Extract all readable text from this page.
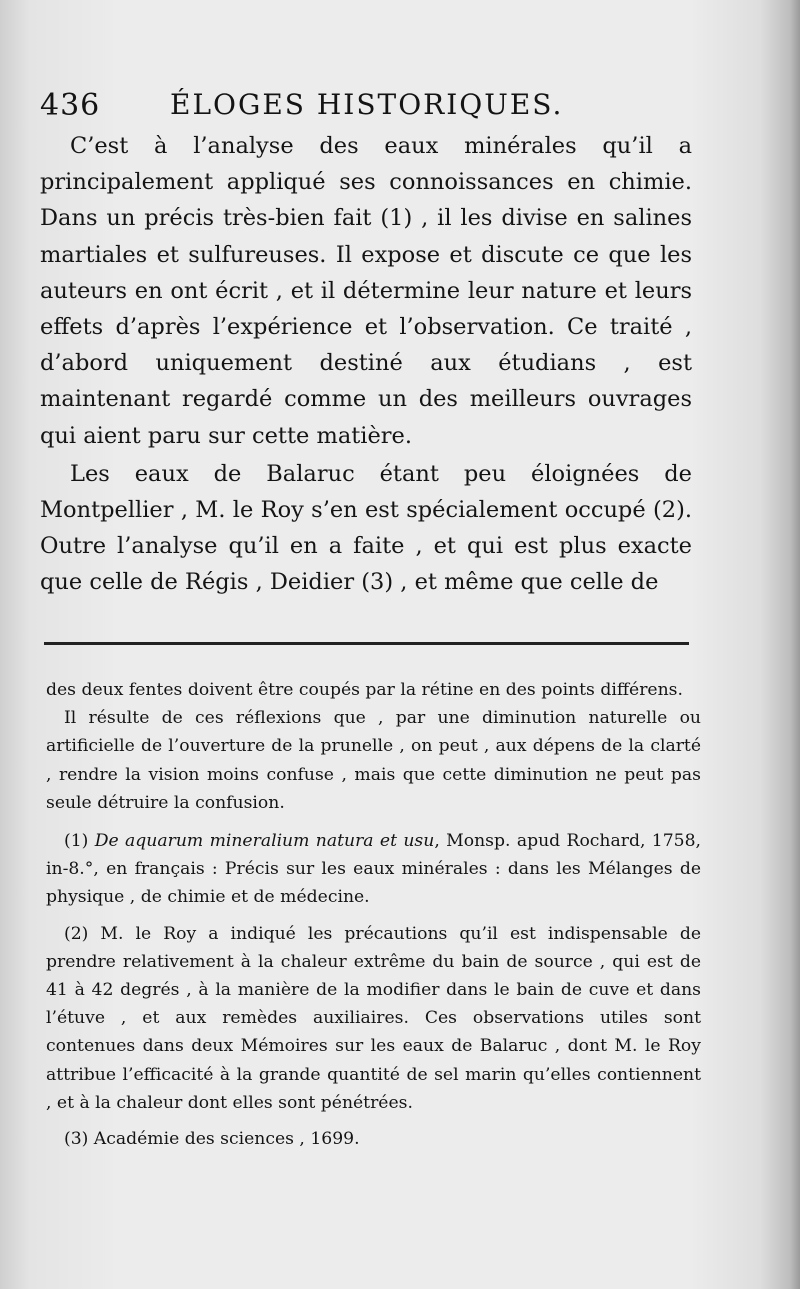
436 ÉLOGES HISTORIQUES.

C’est à l’analyse des eaux minérales qu’il a principalement appliqué ses connoissances en chimie. Dans un précis très-bien fait (1) , il les divise en salines martiales et sulfureuses. Il expose et discute ce que les auteurs en ont écrit , et il détermine leur nature et leurs effets d’après l’expérience et l’observation. Ce traité , d’abord uniquement destiné aux étudians , est maintenant regardé comme un des meilleurs ouvrages qui aient paru sur cette matière.

Les eaux de Balaruc étant peu éloignées de Montpellier , M. le Roy s’en est spécialement occupé (2). Outre l’analyse qu’il en a faite , et qui est plus exacte que celle de Régis , Deidier (3) , et même que celle de

des deux fentes doivent être coupés par la rétine en des points différens.

Il résulte de ces réflexions que , par une diminution naturelle ou artificielle de l’ouverture de la prunelle , on peut , aux dépens de la clarté , rendre la vision moins confuse , mais que cette diminution ne peut pas seule détruire la confusion.

(1) De aquarum mineralium natura et usu, Monsp. apud Rochard, 1758, in-8.°, en français : Précis sur les eaux minérales : dans les Mélanges de physique , de chimie et de médecine.

(2) M. le Roy a indiqué les précautions qu’il est indispensable de prendre relativement à la chaleur extrême du bain de source , qui est de 41 à 42 degrés , à la manière de la modifier dans le bain de cuve et dans l’étuve , et aux remèdes auxiliaires. Ces observations utiles sont contenues dans deux Mémoires sur les eaux de Balaruc , dont M. le Roy attribue l’efficacité à la grande quantité de sel marin qu’elles contiennent , et à la chaleur dont elles sont pénétrées.

(3) Académie des sciences , 1699.
